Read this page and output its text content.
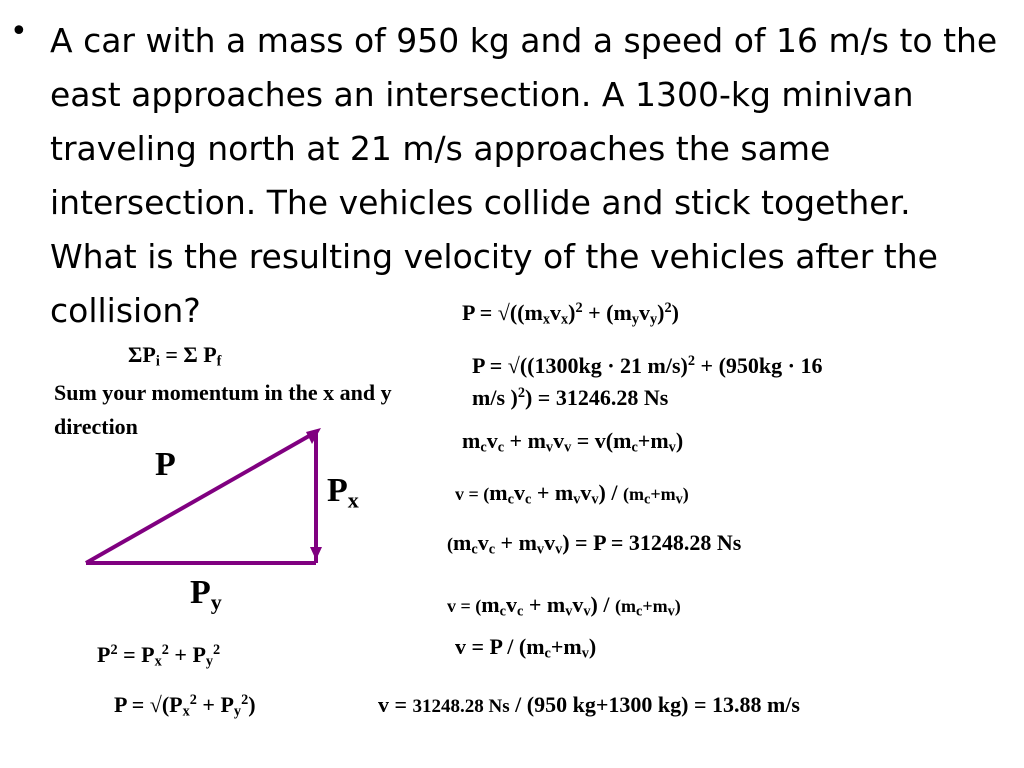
• A car with a mass of 950 kg and a speed of 16 m/s to the east approaches an intersection. A 1300-kg minivan traveling north at 21 m/s approaches the same intersection. The vehicles collide and stick together. What is the resulting velocity of the vehicles after the collision?	$P = √((m_xv_x)^2 + (m_yv_y)^2)$
P = √((1300kg · 21 m/s)$^2$ + (950kg · 16
m/s )$^2$) = 31246.28 Ns
$m_cv_c + m_vv_v = v(m_c+m_v)$
$v = (m_cv_c + m_vv_v) / (m_c+m_v)$
$(m_cv_c + m_vv_v) = P = 31248.28$ Ns
$v = (m_cv_c + m_vv_v) / (m_c+m_v)$
$v = P / (m_c+m_v)$
v = 31248.28 Ns / (950 kg+1300 kg) = 13.88 m/s
$\Sigma P_i = \Sigma$ $P_f$
Sum your momentum in the x and y direction
P
$P_x$
$P_y$
$P^2 = P_x^2 + P_y^2$
$P = √(P_x^2 + P_y^2)$
